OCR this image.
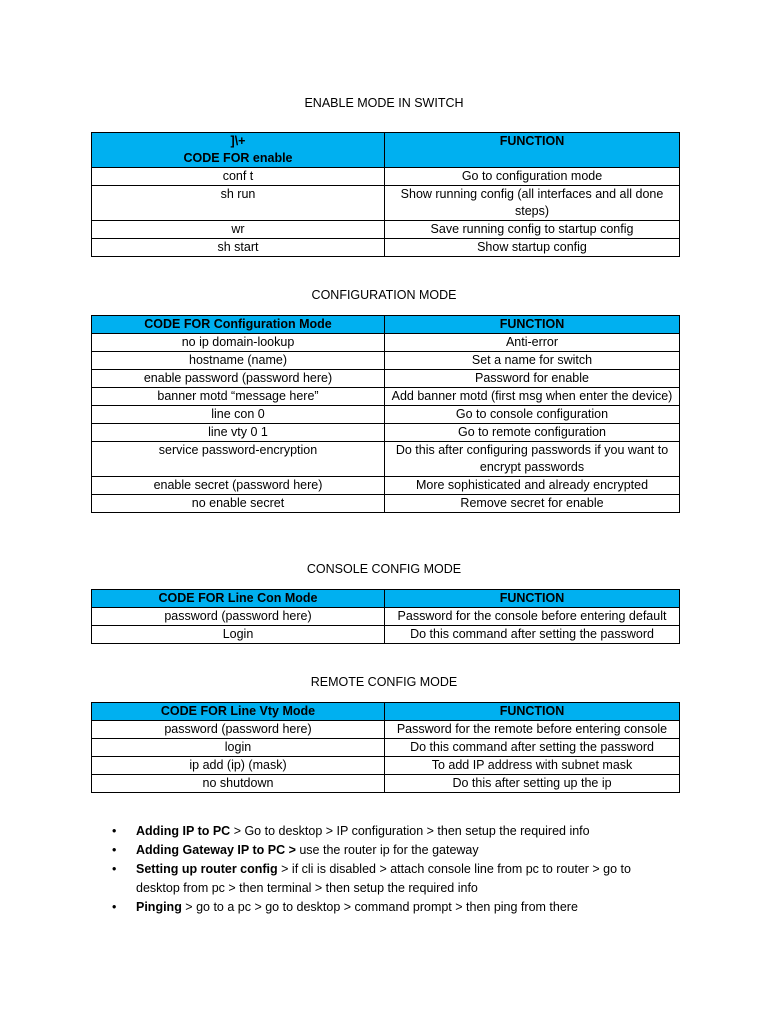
ENABLE MODE IN SWITCH
]\+
CODE FOR enable	FUNCTION
conf t	Go to configuration mode
sh run	Show running config (all interfaces and all done steps)
wr	Save running config to startup config
sh start	Show startup config
CONFIGURATION MODE
CODE FOR Configuration Mode	FUNCTION
no ip domain-lookup	Anti-error
hostname (name)	Set a name for switch
enable password (password here)	Password for enable
banner motd “message here”	Add banner motd (first msg when enter the device)
line con 0	Go to console configuration
line vty 0 1	Go to remote configuration
service password-encryption	Do this after configuring passwords if you want to encrypt passwords
enable secret (password here)	More sophisticated and already encrypted
no enable secret	Remove secret for enable
CONSOLE CONFIG MODE
CODE FOR Line Con Mode	FUNCTION
password (password here)	Password for the console before entering default
Login	Do this command after setting the password
REMOTE CONFIG MODE
CODE FOR Line Vty Mode	FUNCTION
password (password here)	Password for the remote before entering console
login	Do this command after setting the password
ip add (ip) (mask)	To add IP address with subnet mask
no shutdown	Do this after setting up the ip
•	Adding IP to PC > Go to desktop > IP configuration > then setup the required info
•	Adding Gateway IP to PC > use the router ip for the gateway
•	Setting up router config > if cli is disabled > attach console line from pc to router > go to desktop from pc > then terminal > then setup the required info
•	Pinging > go to a pc > go to desktop > command prompt > then ping from there
